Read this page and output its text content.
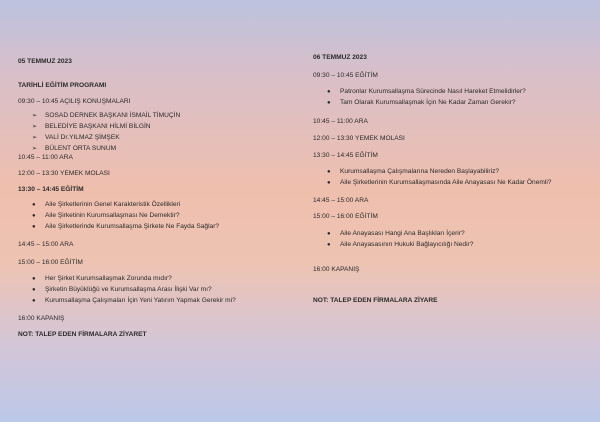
05 TEMMUZ 2023
TARİHLİ EĞİTİM PROGRAMI
09:30 – 10:45 AÇILIŞ KONUŞMALARI
➢ SOSAD DERNEK BAŞKANI İSMAİL TİMUÇİN
➢ BELEDİYE BAŞKANI HİLMİ BİLGİN
➢ VALİ Dr.YILMAZ ŞİMŞEK
➢ BÜLENT ORTA SUNUM
10:45 – 11:00 ARA
12:00 – 13:30 YEMEK MOLASI
13:30 – 14:45 EĞİTİM
● Aile Şirketlerinin Genel Karakteristik Özellikleri
● Aile Şirketinin Kurumsallaşması Ne Demektir?
● Aile Şirketlerinde Kurumsallaşma Şirkete Ne Fayda Sağlar?
14:45 – 15:00 ARA
15:00 – 16:00 EĞİTİM
● Her Şirket Kurumsallaşmak Zorunda mıdır?
● Şirketin Büyüklüğü ve Kurumsallaşma Arası İlişki Var mı?
● Kurumsallaşma Çalışmaları İçin Yeni Yatırım Yapmak Gerekir mi?
16:00 KAPANIŞ
NOT: TALEP EDEN FİRMALARA ZİYARET
06 TEMMUZ 2023
09:30 – 10:45 EĞİTİM
● Patronlar Kurumsallaşma Sürecinde Nasıl Hareket Etmelidirler?
● Tam Olarak Kurumsallaşmak İçin Ne Kadar Zaman Gerekir?
10:45 – 11:00 ARA
12:00 – 13:30 YEMEK MOLASI
13:30 – 14:45 EĞİTİM
● Kurumsallaşma Çalışmalarına Nereden Başlayabiliriz?
● Aile Şirketlerinin Kurumsallaşmasında Aile Anayasası Ne Kadar Önemli?
14:45 – 15:00 ARA
15:00 – 16:00 EĞİTİM
● Aile Anayasası Hangi Ana Başlıkları İçerir?
● Aile Anayasasının Hukuki Bağlayıcılığı Nedir?
16:00 KAPANIŞ
NOT: TALEP EDEN FİRMALARA ZİYARE
